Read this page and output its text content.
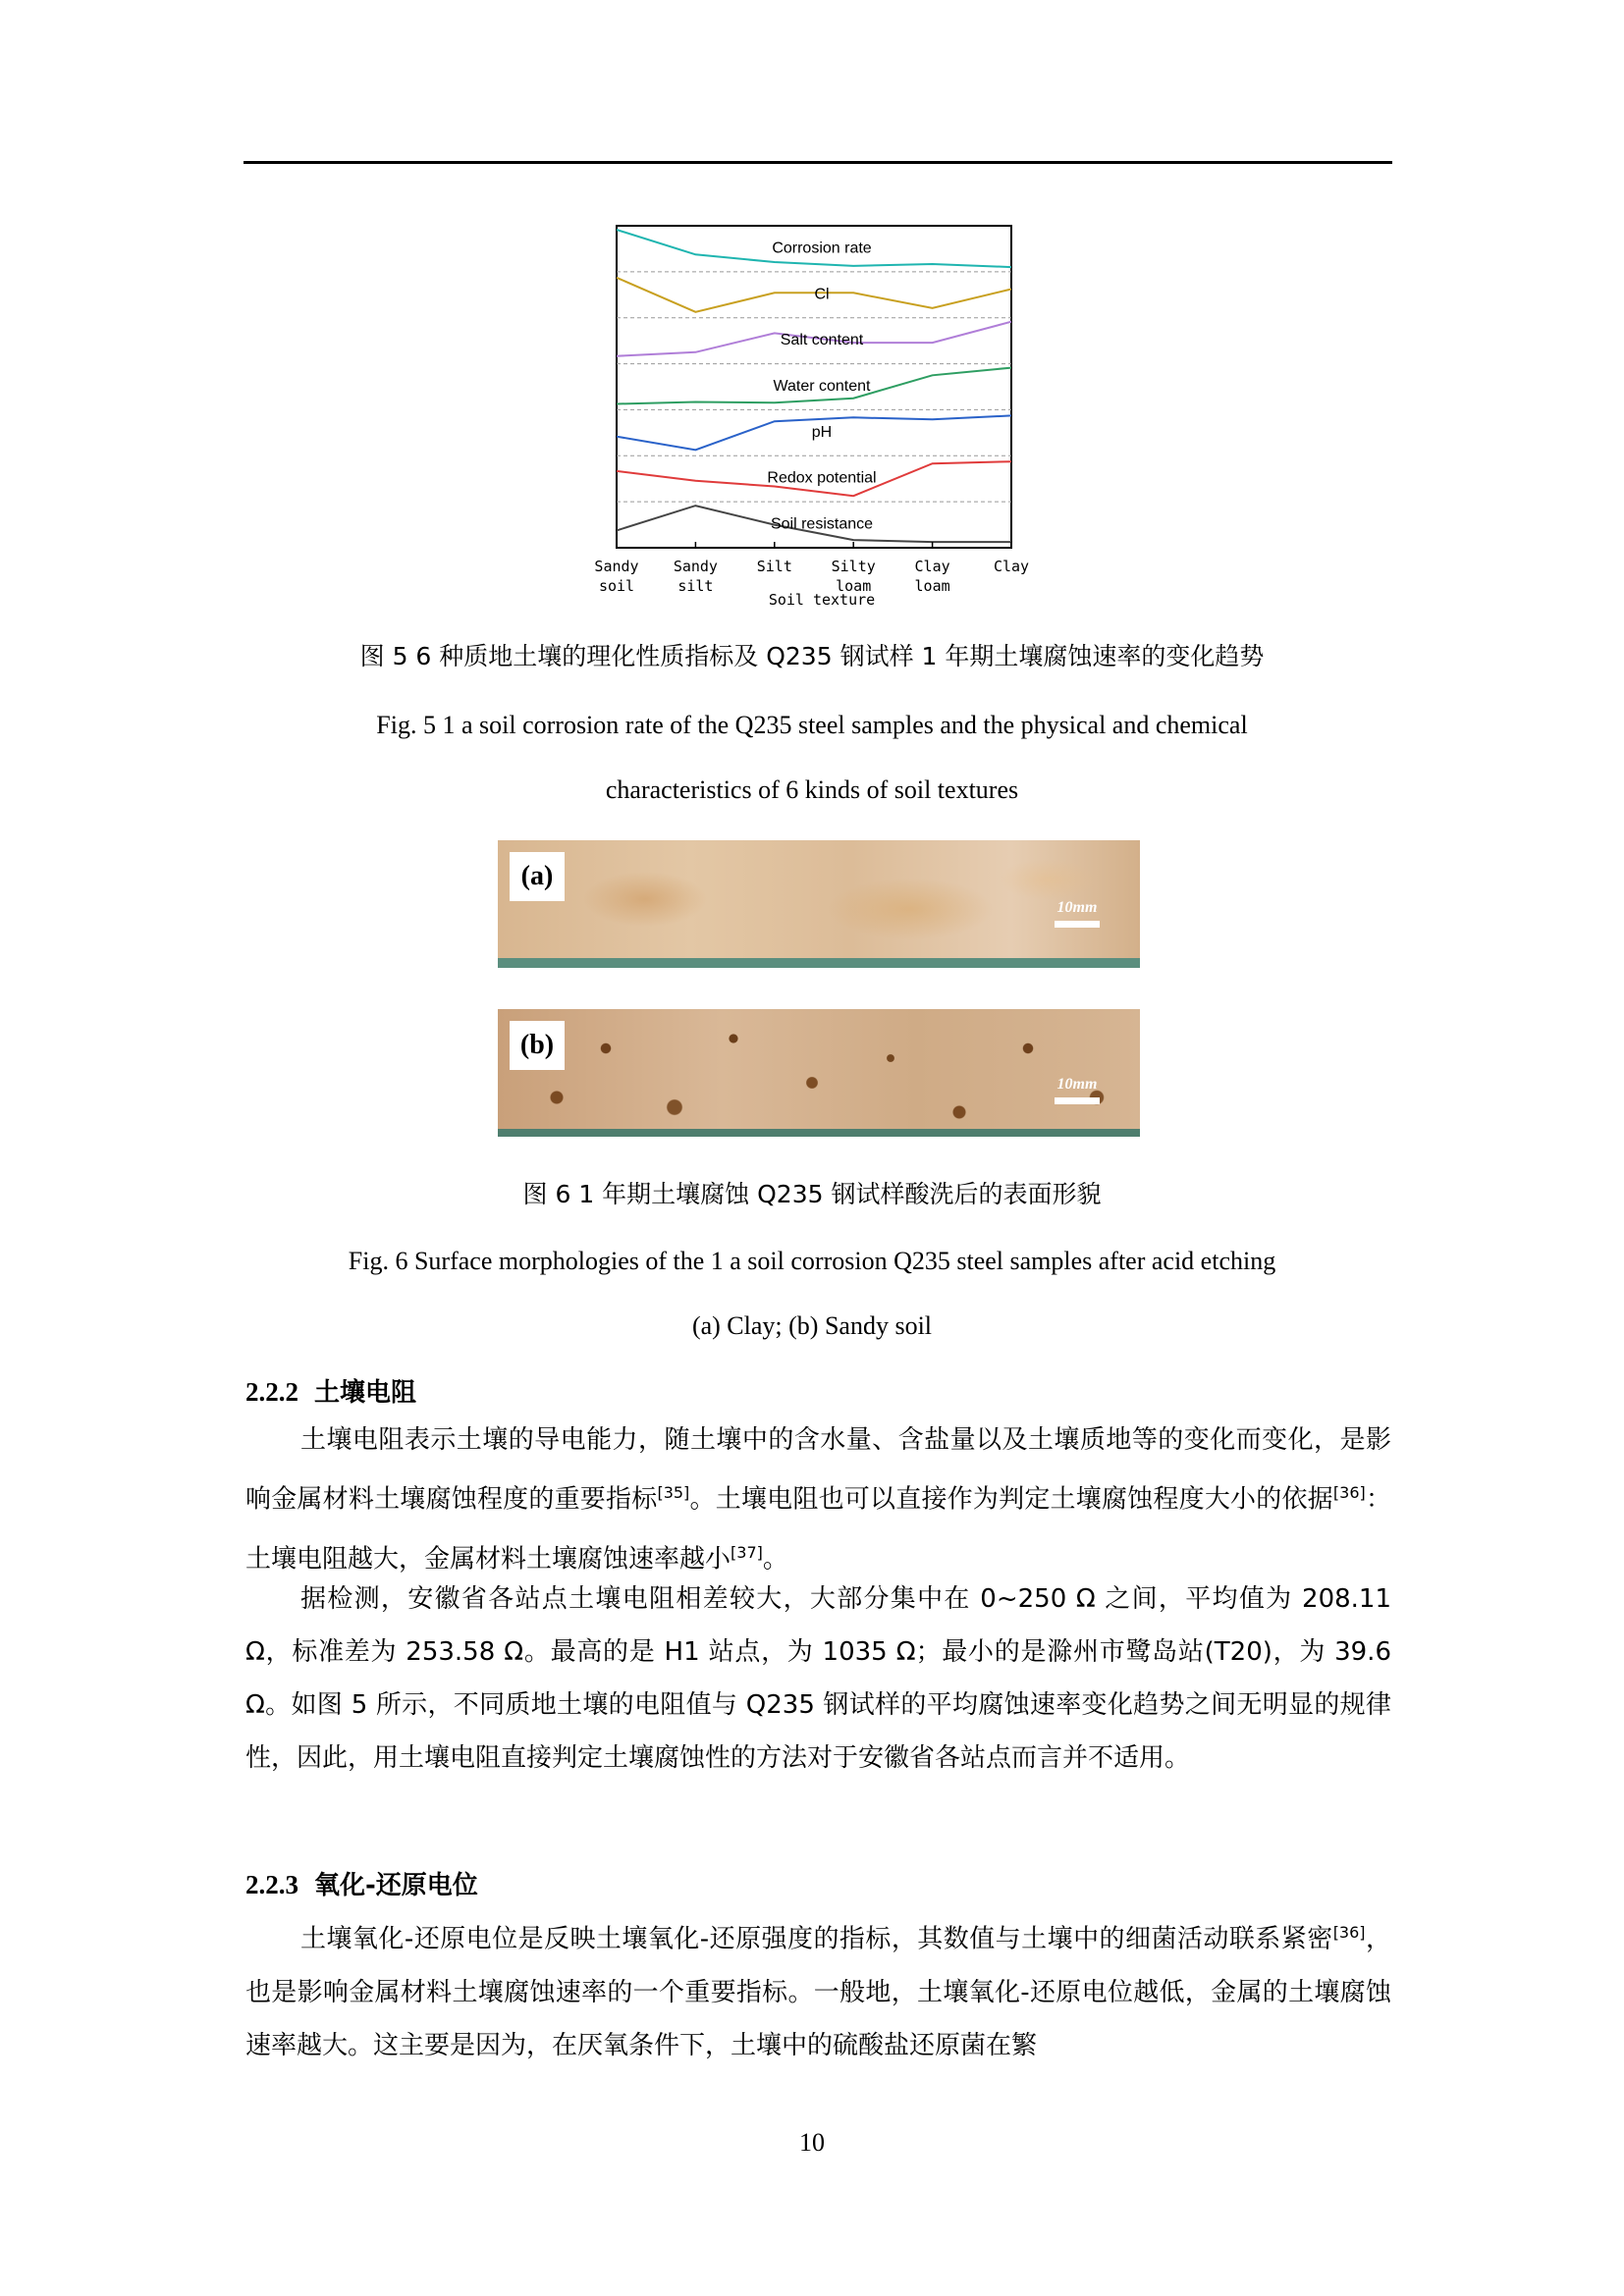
Corrosion rate
Cl
Salt content
Water content
pH
Redox potential
Soil resistance
Sandy
soil
Sandy
silt
Silt	Silty
loam
Clay
loam
Clay
Soil texture
图 5 6 种质地土壤的理化性质指标及 Q235 钢试样 1 年期土壤腐蚀速率的变化趋势
Fig. 5 1 a soil corrosion rate of the Q235 steel samples and the physical and chemical
characteristics of 6 kinds of soil textures
(a)
10mm
(b)
10mm
图 6 1 年期土壤腐蚀 Q235 钢试样酸洗后的表面形貌
Fig. 6 Surface morphologies of the 1 a soil corrosion Q235 steel samples after acid etching
(a) Clay; (b) Sandy soil
2.2.2 土壤电阻

土壤电阻表示土壤的导电能力，随土壤中的含水量、含盐量以及土壤质地等的变化而变化，是影响金属材料土壤腐蚀程度的重要指标[35]。土壤电阻也可以直接作为判定土壤腐蚀程度大小的依据[36]：土壤电阻越大，金属材料土壤腐蚀速率越小[37]。

据检测，安徽省各站点土壤电阻相差较大，大部分集中在 0~250 Ω 之间，平均值为 208.11 Ω，标准差为 253.58 Ω。最高的是 H1 站点，为 1035 Ω；最小的是滁州市鹭岛站(T20)，为 39.6 Ω。如图 5 所示，不同质地土壤的电阻值与 Q235 钢试样的平均腐蚀速率变化趋势之间无明显的规律性，因此，用土壤电阻直接判定土壤腐蚀性的方法对于安徽省各站点而言并不适用。

2.2.3 氧化-还原电位

土壤氧化-还原电位是反映土壤氧化-还原强度的指标，其数值与土壤中的细菌活动联系紧密[36]，也是影响金属材料土壤腐蚀速率的一个重要指标。一般地，土壤氧化-还原电位越低，金属的土壤腐蚀速率越大。这主要是因为，在厌氧条件下，土壤中的硫酸盐还原菌在繁

10
